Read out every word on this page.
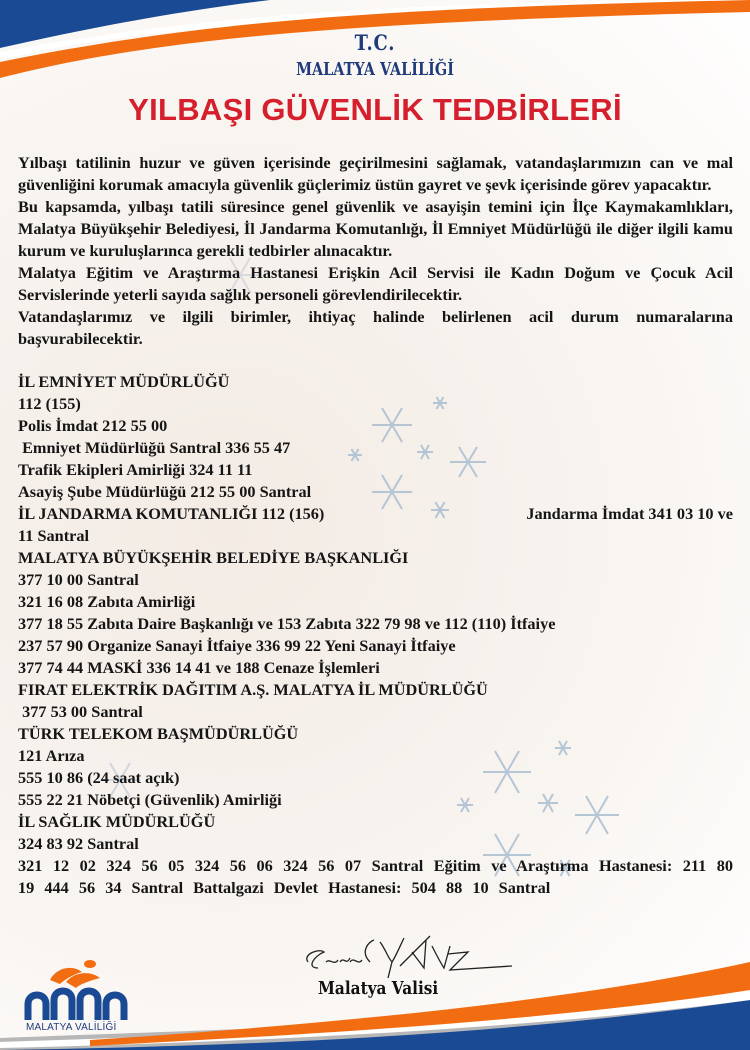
T.C.
MALATYA VALİLİĞİ
YILBAŞI GÜVENLİK TEDBİRLERİ

Yılbaşı tatilinin huzur ve güven içerisinde geçirilmesini sağlamak, vatandaşlarımızın can ve mal güvenliğini korumak amacıyla güvenlik güçlerimiz üstün gayret ve şevk içerisinde görev yapacaktır.

Bu kapsamda, yılbaşı tatili süresince genel güvenlik ve asayişin temini için İlçe Kaymakamlıkları, Malatya Büyükşehir Belediyesi, İl Jandarma Komutanlığı, İl Emniyet Müdürlüğü ile diğer ilgili kamu kurum ve kuruluşlarınca gerekli tedbirler alınacaktır.

Malatya Eğitim ve Araştırma Hastanesi Erişkin Acil Servisi ile Kadın Doğum ve Çocuk Acil Servislerinde yeterli sayıda sağlık personeli görevlendirilecektir.

Vatandaşlarımız ve ilgili birimler, ihtiyaç halinde belirlenen acil durum numaralarına başvurabilecektir.

İL EMNİYET MÜDÜRLÜĞÜ

112 (155)

Polis İmdat 212 55 00

Emniyet Müdürlüğü Santral 336 55 47

Trafik Ekipleri Amirliği 324 11 11

Asayiş Şube Müdürlüğü 212 55 00 Santral

İL JANDARMA KOMUTANLIĞI 112 (156)	Jandarma İmdat 341 03 10 ve

11 Santral

MALATYA BÜYÜKŞEHİR BELEDİYE BAŞKANLIĞI

377 10 00 Santral

321 16 08 Zabıta Amirliği

377 18 55 Zabıta Daire Başkanlığı ve 153 Zabıta 322 79 98 ve 112 (110) İtfaiye

237 57 90 Organize Sanayi İtfaiye 336 99 22 Yeni Sanayi İtfaiye

377 74 44 MASKİ 336 14 41 ve 188 Cenaze İşlemleri

FIRAT ELEKTRİK DAĞITIM A.Ş. MALATYA İL MÜDÜRLÜĞÜ

377 53 00 Santral

TÜRK TELEKOM BAŞMÜDÜRLÜĞÜ

121 Arıza

555 10 86 (24 saat açık)

555 22 21 Nöbetçi (Güvenlik) Amirliği

İL SAĞLIK MÜDÜRLÜĞÜ

324 83 92 Santral

321 12 02 324 56 05 324 56 06 324 56 07 Santral Eğitim ve Araştırma Hastanesi: 211 80 19 444 56 34 Santral Battalgazi Devlet Hastanesi: 504 88 10 Santral

Malatya Valisi
MALATYA VALİLİĞİ
